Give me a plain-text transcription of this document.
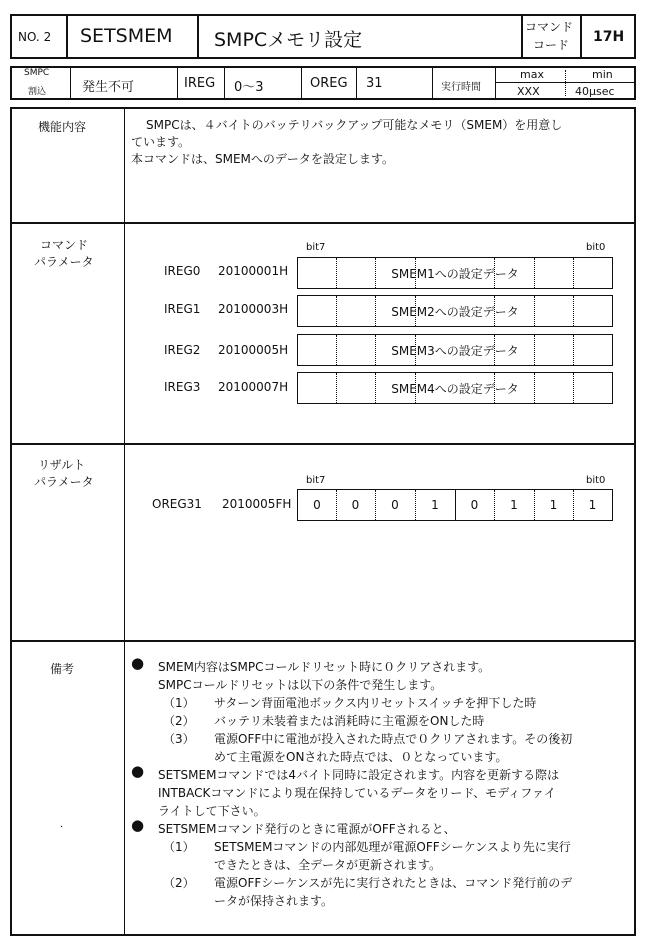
NO. 2 SETSMEM SMPCメモリ設定
コマンド
コード 17H
SMPC
割込	発生不可	IREG 0～3	OREG 31	実行時間
max	min
XXX	40μsec
機能内容	SMPCは、４バイトのバッテリバックアップ可能なメモリ（SMEM）を用意し
ています。
本コマンドは、SMEMへのデータを設定します。
コマンド
パラメータ
bit7	bit0
IREG0 20100001H	SMEM1への設定データ
IREG1 20100003H	SMEM2への設定データ
IREG2 20100005H	SMEM3への設定データ
IREG3 20100007H	SMEM4への設定データ
リザルト
パラメータ	bit7	bit0
OREG31 2010005FH	0	0	0	1	0	1	1	1
備考
·
● SMEM内容はSMPCコールドリセット時に０クリアされます。
SMPCコールドリセットは以下の条件で発生します。
（1） サターン背面電池ボックス内リセットスイッチを押下した時
（2） バッテリ未装着または消耗時に主電源をONした時
（3） 電源OFF中に電池が投入された時点で０クリアされます。その後初
めて主電源をONされた時点では、０となっています。
● SETSMEMコマンドでは4バイト同時に設定されます。内容を更新する際は
INTBACKコマンドにより現在保持しているデータをリード、モディファイ
ライトして下さい。
● SETSMEMコマンド発行のときに電源がOFFされると、
（1） SETSMEMコマンドの内部処理が電源OFFシーケンスより先に実行
できたときは、全データが更新されます。
（2） 電源OFFシーケンスが先に実行されたときは、コマンド発行前のデ
ータが保持されます。
